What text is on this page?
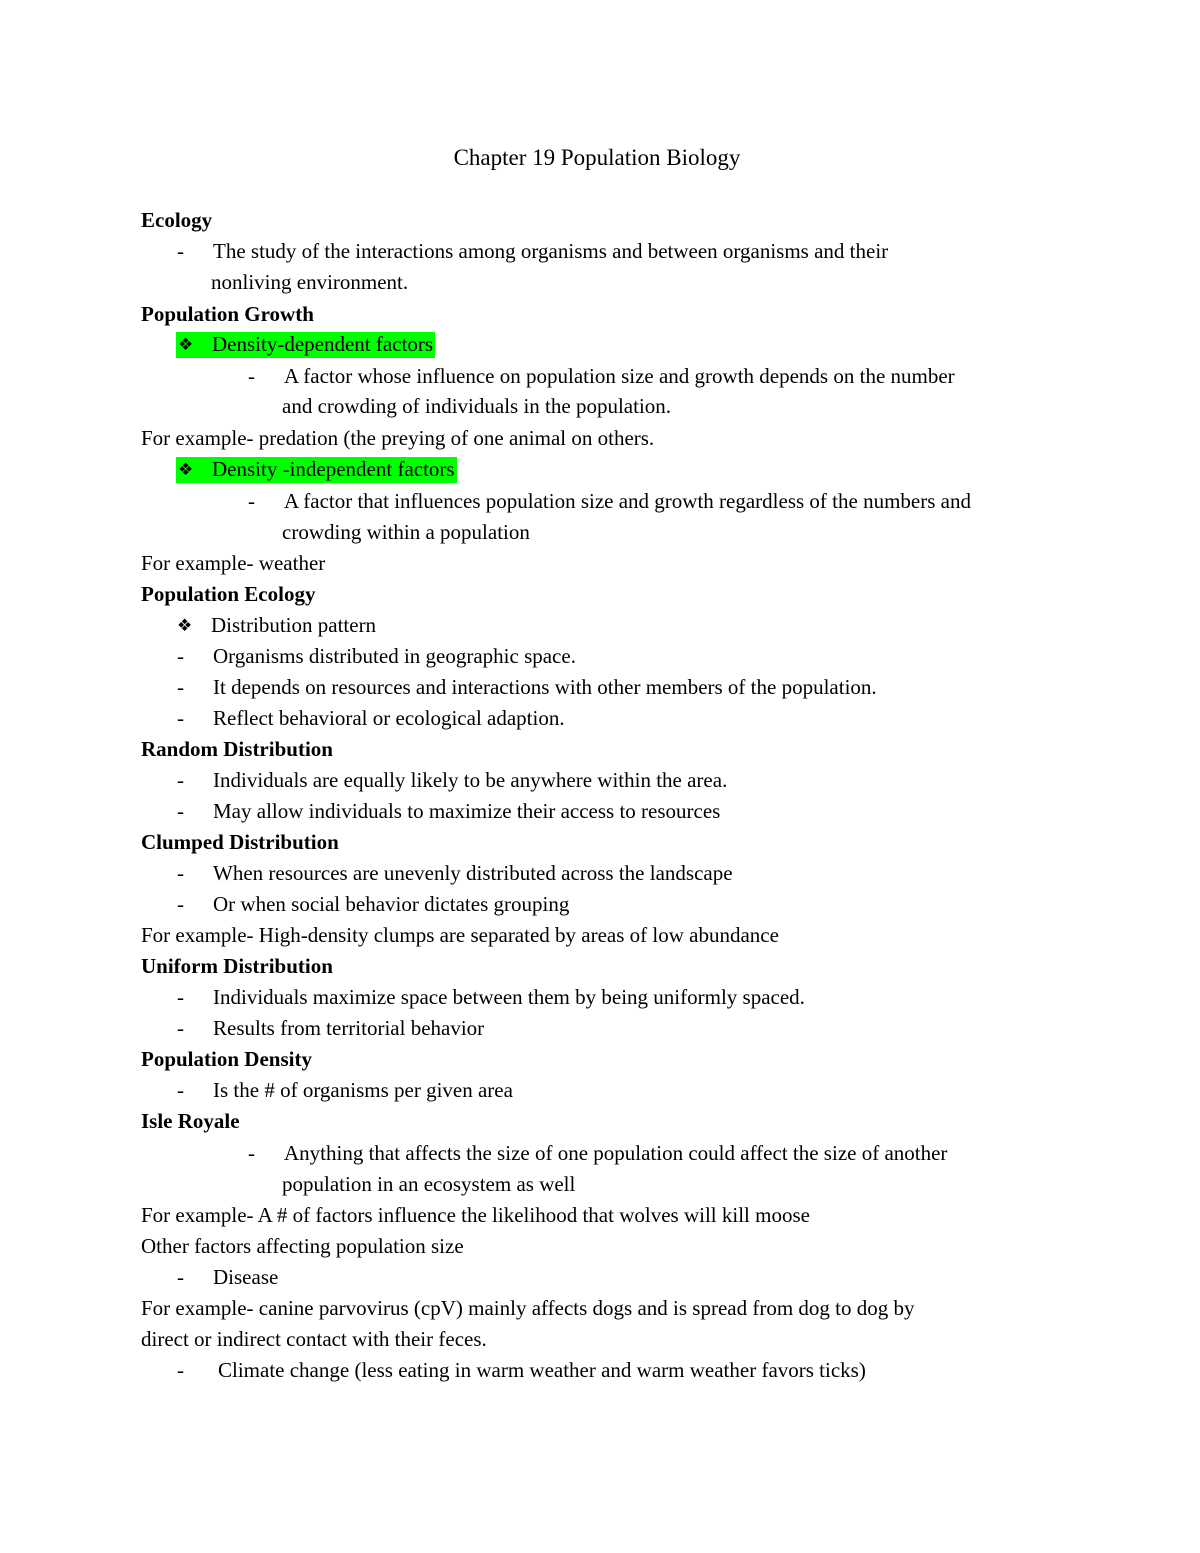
Chapter 19 Population Biology
Ecology
- The study of the interactions among organisms and between organisms and their
nonliving environment.
Population Growth
❖ Density-dependent factors
- A factor whose influence on population size and growth depends on the number
and crowding of individuals in the population.
For example- predation (the preying of one animal on others.
❖ Density -independent factors
- A factor that influences population size and growth regardless of the numbers and
crowding within a population
For example- weather
Population Ecology
❖ Distribution pattern
- Organisms distributed in geographic space.
- It depends on resources and interactions with other members of the population.
- Reflect behavioral or ecological adaption.
Random Distribution
- Individuals are equally likely to be anywhere within the area.
- May allow individuals to maximize their access to resources
Clumped Distribution
- When resources are unevenly distributed across the landscape
- Or when social behavior dictates grouping
For example- High-density clumps are separated by areas of low abundance
Uniform Distribution
- Individuals maximize space between them by being uniformly spaced.
- Results from territorial behavior
Population Density
- Is the # of organisms per given area
Isle Royale
- Anything that affects the size of one population could affect the size of another
population in an ecosystem as well
For example- A # of factors influence the likelihood that wolves will kill moose
Other factors affecting population size
- Disease
For example- canine parvovirus (cpV) mainly affects dogs and is spread from dog to dog by
direct or indirect contact with their feces.
- Climate change (less eating in warm weather and warm weather favors ticks)
